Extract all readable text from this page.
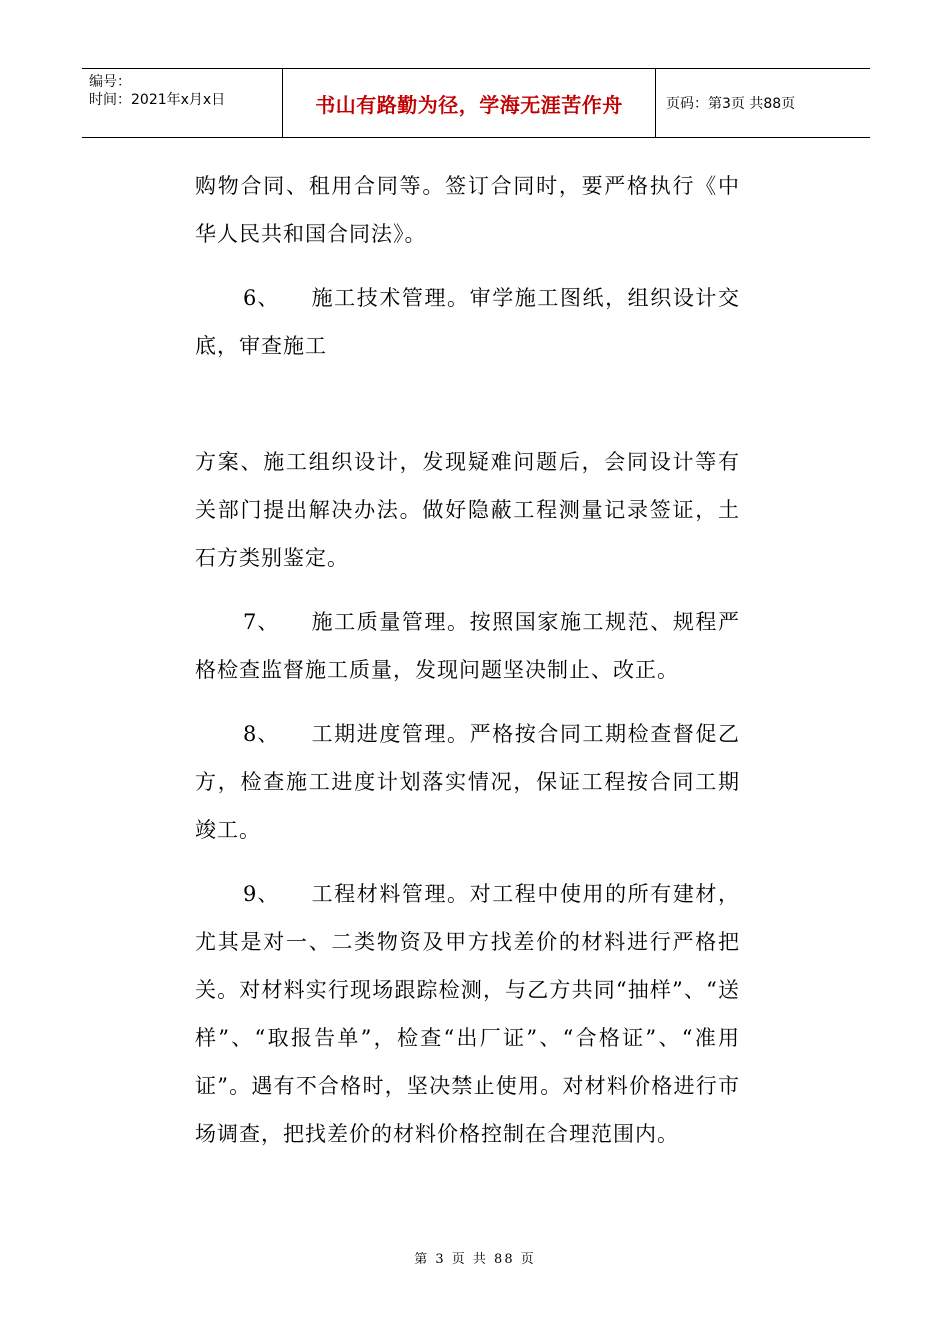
编号：
时间：2021年x月x日	书山有路勤为径，学海无涯苦作舟	页码：第3页 共88页

购物合同、租用合同等。签订合同时，要严格执行《中华人民共和国合同法》。

6、 施工技术管理。审学施工图纸，组织设计交底，审查施工

方案、施工组织设计，发现疑难问题后，会同设计等有关部门提出解决办法。做好隐蔽工程测量记录签证，土石方类别鉴定。

7、 施工质量管理。按照国家施工规范、规程严格检查监督施工质量，发现问题坚决制止、改正。

8、 工期进度管理。严格按合同工期检查督促乙方，检查施工进度计划落实情况，保证工程按合同工期竣工。

9、 工程材料管理。对工程中使用的所有建材，尤其是对一、二类物资及甲方找差价的材料进行严格把关。对材料实行现场跟踪检测，与乙方共同“抽样”、“送样”、“取报告单”，检查“出厂证”、“合格证”、“准用证”。遇有不合格时，坚决禁止使用。对材料价格进行市场调查，把找差价的材料价格控制在合理范围内。

第 3 页 共 88 页
